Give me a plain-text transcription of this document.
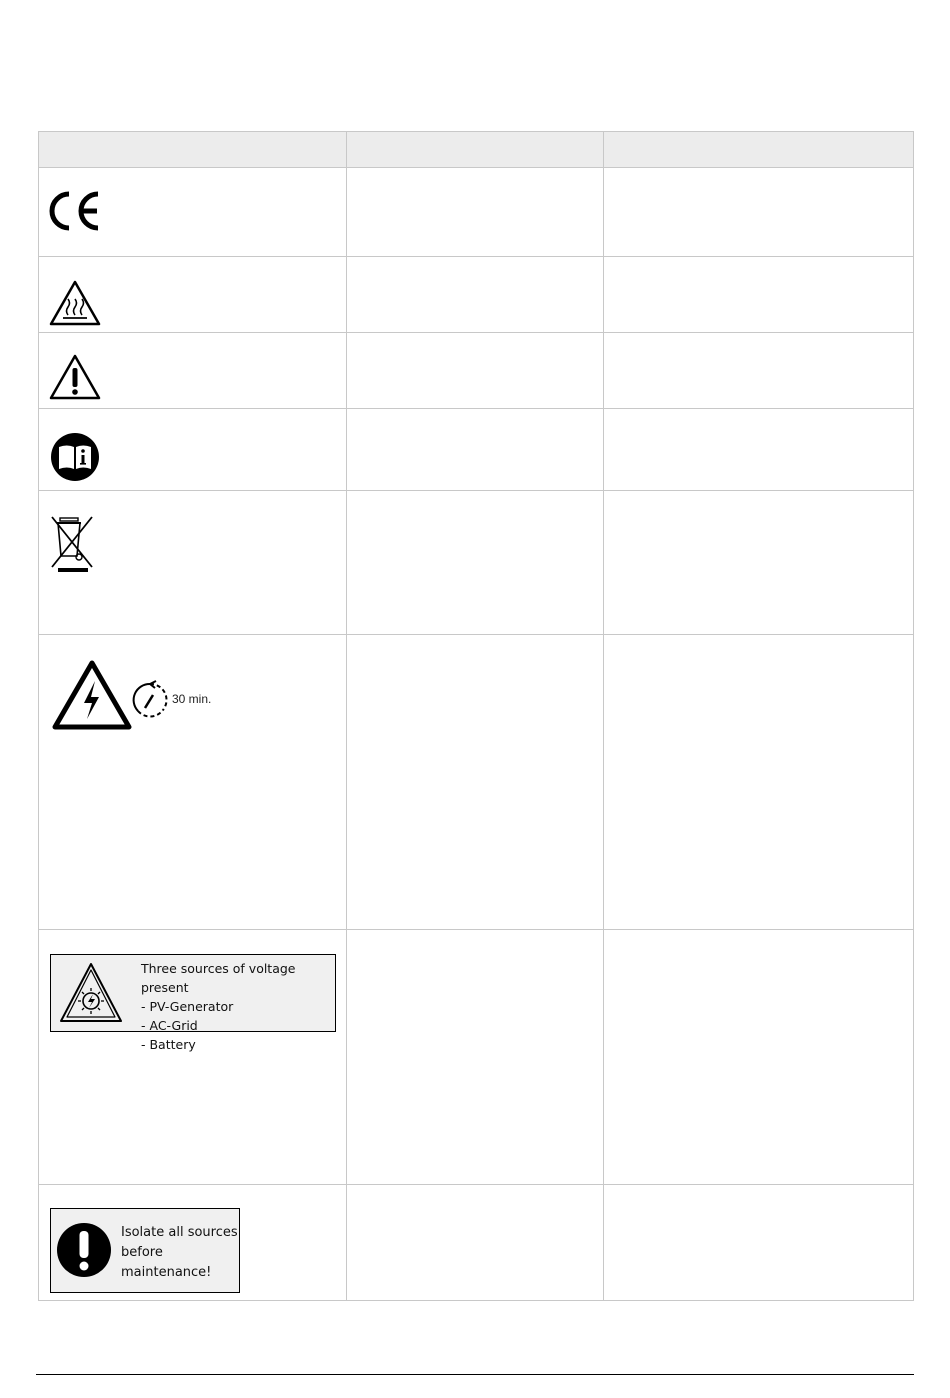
30 min.		

Three sources of voltage present
- PV-Generator
- AC-Grid
- Battery		

Isolate all sources
before
maintenance!		
